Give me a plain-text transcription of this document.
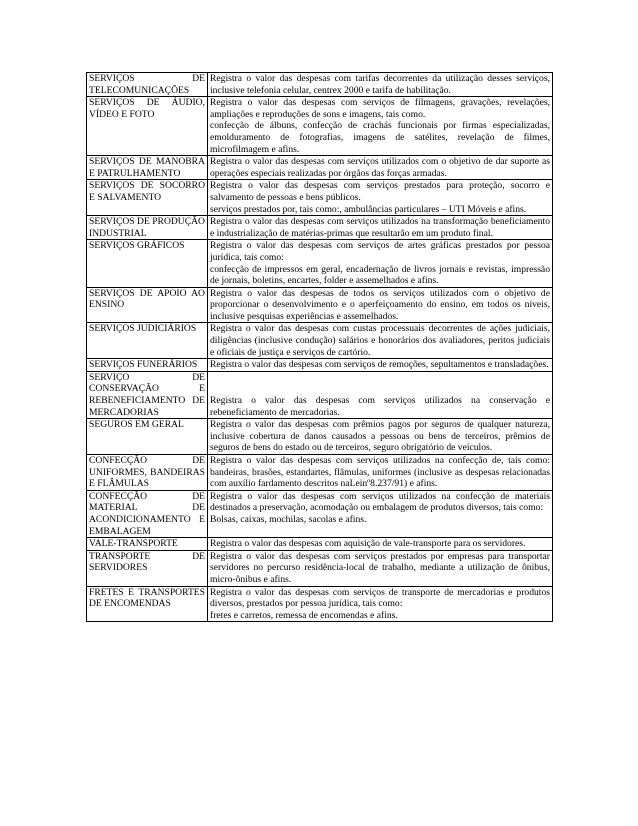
SERVIÇOS DE TELECOMUNICAÇÕES	Registra o valor das despesas com tarifas decorrentes da utilização desses serviços, inclusive telefonia celular, centrex 2000 e tarifa de habilitação.

SERVIÇOS DE ÁUDIO, VÍDEO E FOTO	Registra o valor das despesas com serviços de filmagens, gravações, revelações, ampliações e reproduções de sons e imagens, tais como.
confecção de álbuns, confecção de crachás funcionais por firmas especializadas, emolduramento de fotografias, imagens de satélites, revelação de filmes, microfilmagem e afins.

SERVIÇOS DE MANOBRA E PATRULHAMENTO	Registra o valor das despesas com serviços utilizados com o objetivo de dar suporte as operações especiais realizadas por órgãos das forças armadas.

SERVIÇOS DE SOCORRO E SALVAMENTO	Registra o valor das despesas com serviços prestados para proteção, socorro e salvamento de pessoas e bens públicos.
serviços prestados por, tais como:, ambulâncias particulares – UTI Móveis e afins.

SERVIÇOS DE PRODUÇÃO INDUSTRIAL	Registra o valor das despesas com serviços utilizados na transformação beneficiamento e industrialização de matérias-primas que resultarão em um produto final.

SERVIÇOS GRÁFICOS	Registra o valor das despesas com serviços de artes gráficas prestados por pessoa jurídica, tais como:
confecção de impressos em geral, encadernação de livros jornais e revistas, impressão de jornais, boletins, encartes, folder e assemelhados e afins.

SERVIÇOS DE APOIO AO ENSINO	Registra o valor das despesas de todos os serviços utilizados com o objetivo de proporcionar o desenvolvimento e o aperfeiçoamento do ensino, em todos os níveis, inclusive pesquisas experiências e assemelhados.

SERVIÇOS JUDICIÁRIOS	Registra o valor das despesas com custas processuais decorrentes de ações judiciais, diligências (inclusive condução) salários e honorários dos avaliadores, peritos judiciais e oficiais de justiça e serviços de cartório.

SERVIÇOS FUNERÁRIOS	Registra o valor das despesas com serviços de remoções, sepultamentos e transladações.

SERVIÇO DE CONSERVAÇÃO E REBENEFICIAMENTO DE MERCADORIAS	Registra o valor das despesas com serviços utilizados na conservação e rebeneficiamento de mercadorias.

SEGUROS EM GERAL	Registra o valor das despesas com prêmios pagos por seguros de qualquer natureza, inclusive cobertura de danos causados a pessoas ou bens de terceiros, prêmios de seguros de bens do estado ou de terceiros, seguro obrigatório de veículos.

CONFECÇÃO DE UNIFORMES, BANDEIRAS E FLÂMULAS	Registra o valor das despesas com serviços utilizados na confecção de, tais como: bandeiras, brasões, estandartes, flâmulas, uniformes (inclusive as despesas relacionadas com auxílio fardamento descritos naLeinº8.237/91) e afins.

CONFECÇÃO DE MATERIAL DE ACONDICIONAMENTO E EMBALAGEM	Registra o valor das despesas com serviços utilizados na confecção de materiais destinados a preservação, acomodação ou embalagem de produtos diversos, tais como:
Bolsas, caixas, mochilas, sacolas e afins.

VALE-TRANSPORTE	Registra o valor das despesas com aquisição de vale-transporte para os servidores.

TRANSPORTE DE SERVIDORES	Registra o valor das despesas com serviços prestados por empresas para transportar servidores no percurso residência-local de trabalho, mediante a utilização de ônibus, micro-ônibus e afins.

FRETES E TRANSPORTES DE ENCOMENDAS	Registra o valor das despesas com serviços de transporte de mercadorias e produtos diversos, prestados por pessoa jurídica, tais como:
fretes e carretos, remessa de encomendas e afins.
